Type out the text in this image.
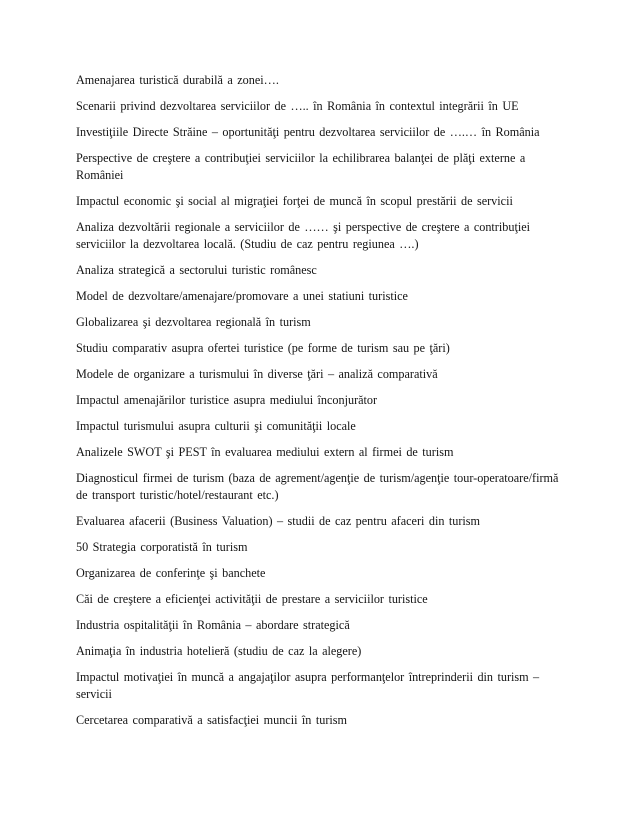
Amenajarea turistică durabilă a zonei….
Scenarii privind dezvoltarea serviciilor de ….. în România în contextul integrării în UE
Investiţiile Directe Străine – oportunităţi pentru dezvoltarea serviciilor de ….… în România
Perspective de creştere a contribuţiei serviciilor la echilibrarea balanţei de plăţi externe a României
Impactul economic şi social al migraţiei forţei de muncă în scopul prestării de servicii
Analiza dezvoltării regionale a serviciilor de …… şi perspective de creştere a contribuţiei serviciilor la dezvoltarea locală. (Studiu de caz pentru regiunea ….)
Analiza strategică a sectorului turistic românesc
Model de dezvoltare/amenajare/promovare a unei statiuni turistice
Globalizarea şi dezvoltarea regională în turism
Studiu comparativ asupra ofertei turistice (pe forme de turism sau pe ţări)
Modele de organizare a turismului în diverse ţări – analiză comparativă
Impactul amenajărilor turistice asupra mediului înconjurător
Impactul turismului asupra culturii şi comunităţii locale
Analizele SWOT şi PEST în evaluarea mediului extern al firmei de turism
Diagnosticul firmei de turism (baza de agrement/agenţie de turism/agenţie tour-operatoare/firmă de transport turistic/hotel/restaurant etc.)
Evaluarea afacerii (Business Valuation) – studii de caz pentru afaceri din turism
50 Strategia corporatistă în turism
Organizarea de conferinţe şi banchete
Căi de creştere a eficienţei activităţii de prestare a serviciilor turistice
Industria ospitalităţii în România – abordare strategică
Animaţia în industria hotelieră (studiu de caz la alegere)
Impactul motivaţiei în muncă a angajaţilor asupra performanţelor întreprinderii din turism – servicii
Cercetarea comparativă a satisfacţiei muncii în turism
